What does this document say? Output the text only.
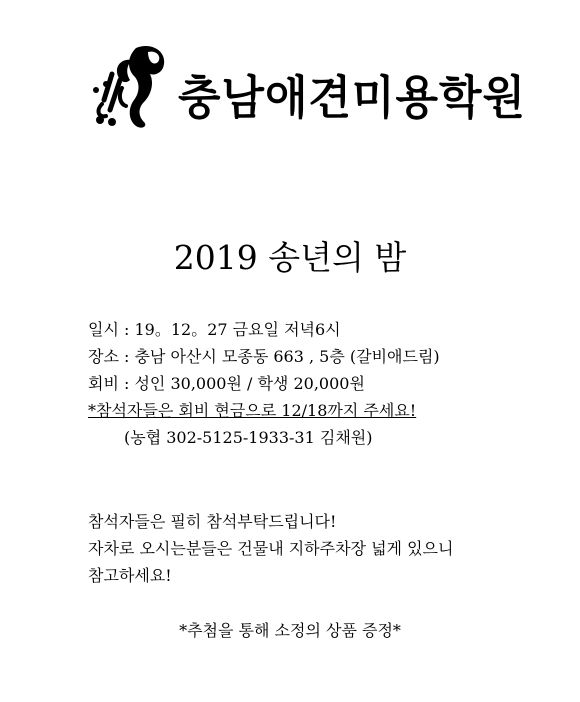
충남애견미용학원
2019 송년의 밤
일시 : 19。12。27 금요일 저녁6시
장소 : 충남 아산시 모종동 663 , 5층 (갈비애드림)
회비 : 성인 30,000원 / 학생 20,000원
*참석자들은 회비 현금으로 12/18까지 주세요!
(농협 302-5125-1933-31 김채원)
참석자들은 필히 참석부탁드립니다!
자차로 오시는분들은 건물내 지하주차장 넓게 있으니
참고하세요!
*추첨을 통해 소정의 상품 증정*
